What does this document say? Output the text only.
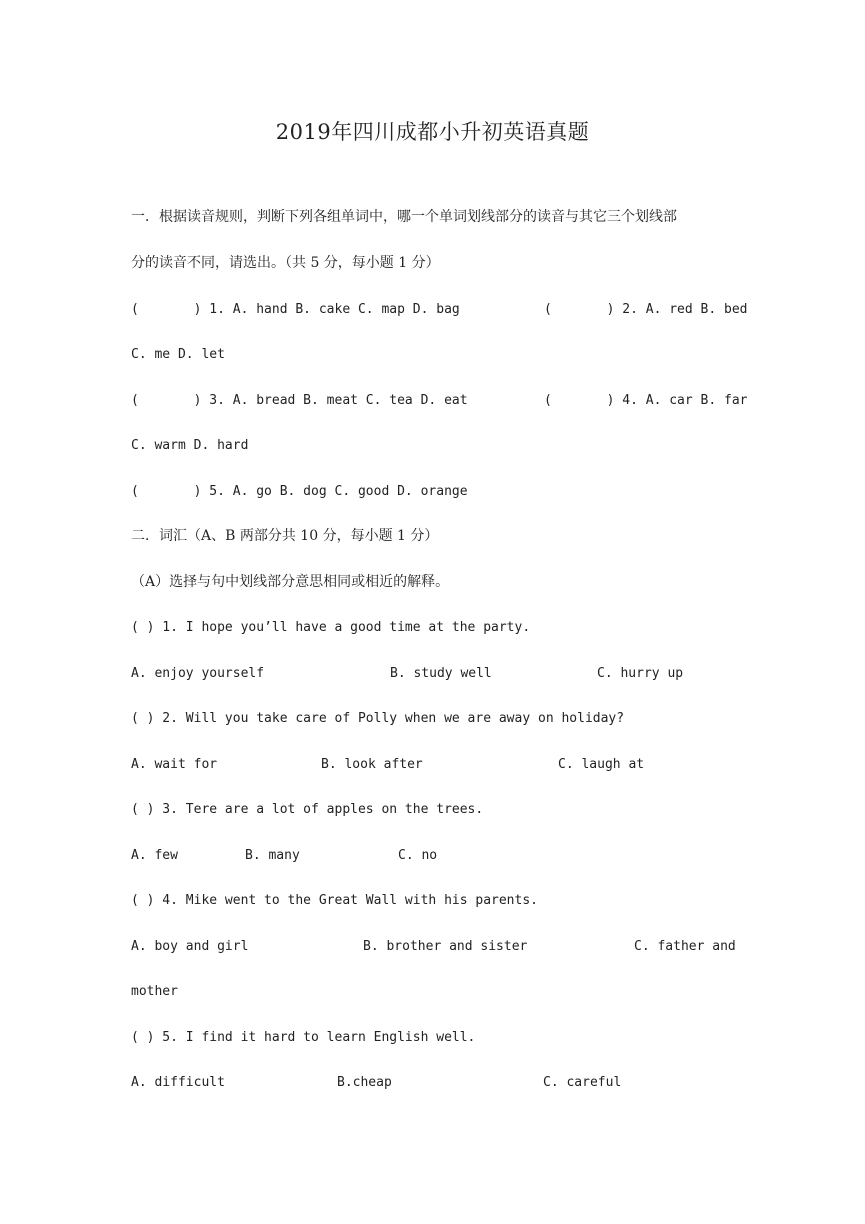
2019年四川成都小升初英语真题
一．根据读音规则，判断下列各组单词中，哪一个单词划线部分的读音与其它三个划线部
分的读音不同，请选出。（共 5 分，每小题 1 分）
(       ) 1. A. hand B. cake C. map D. bag	(       ) 2. A. red B. bed
C. me D. let
(       ) 3. A. bread B. meat C. tea D. eat	(       ) 4. A. car B. far
C. warm D. hard
(       ) 5. A. go B. dog C. good D. orange
二．词汇（A、B 两部分共 10 分，每小题 1 分）
（A）选择与句中划线部分意思相同或相近的解释。
( ) 1. I hope you’ll have a good time at the party.
A. enjoy yourself	B. study well	C. hurry up
( ) 2. Will you take care of Polly when we are away on holiday?
A. wait for	B. look after	C. laugh at
( ) 3. Tere are a lot of apples on the trees.
A. few	B. many	C. no
( ) 4. Mike went to the Great Wall with his parents.
A. boy and girl	B. brother and sister	C. father and
mother
( ) 5. I find it hard to learn English well.
A. difficult	B.cheap	C. careful
